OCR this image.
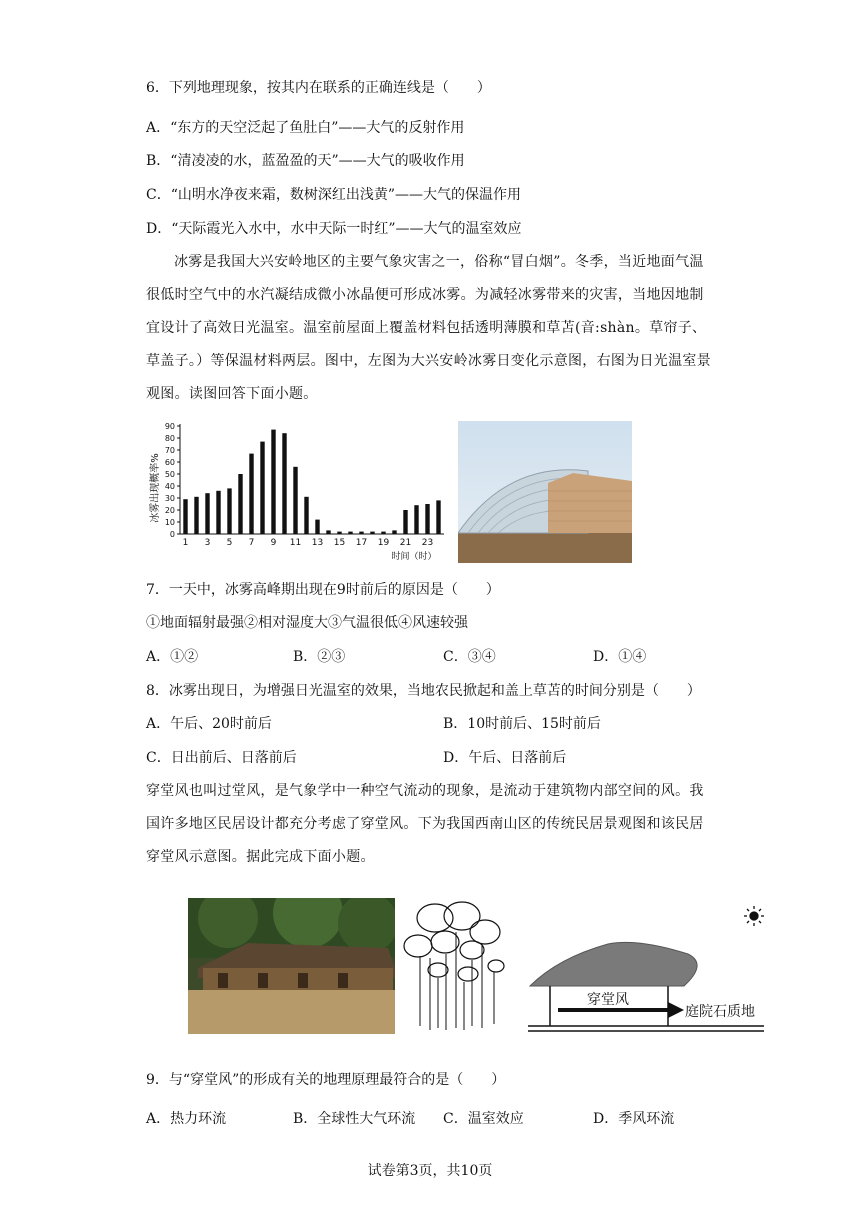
6．下列地理现象，按其内在联系的正确连线是（　　）
A．“东方的天空泛起了鱼肚白”——大气的反射作用
B．“清凌凌的水，蓝盈盈的天”——大气的吸收作用
C．“山明水净夜来霜，数树深红出浅黄”——大气的保温作用
D．“天际霞光入水中，水中天际一时红”——大气的温室效应
冰雾是我国大兴安岭地区的主要气象灾害之一，俗称“冒白烟”。冬季，当近地面气温很低时空气中的水汽凝结成微小冰晶便可形成冰雾。为减轻冰雾带来的灾害，当地因地制宜设计了高效日光温室。温室前屋面上覆盖材料包括透明薄膜和草苫(音:shàn。草帘子、草盖子。）等保温材料两层。图中，左图为大兴安岭冰雾日变化示意图，右图为日光温室景观图。读图回答下面小题。
冰雾出现概率%
时间（时）
0
10
20
30
40
50
60
70
80
90
1 3 5 7 9 11 13 15 17 19 21 23
7．一天中，冰雾高峰期出现在9时前后的原因是（　　）
①地面辐射最强②相对湿度大③气温很低④风速较强
A．①②	B．②③	C．③④	D．①④
8．冰雾出现日，为增强日光温室的效果，当地农民掀起和盖上草苫的时间分别是（　　）
A．午后、20时前后	B．10时前后、15时前后
C．日出前后、日落前后	D．午后、日落前后
穿堂风也叫过堂风，是气象学中一种空气流动的现象，是流动于建筑物内部空间的风。我国许多地区民居设计都充分考虑了穿堂风。下为我国西南山区的传统民居景观图和该民居穿堂风示意图。据此完成下面小题。
穿堂风
庭院石质地
9．与“穿堂风”的形成有关的地理原理最符合的是（　　）
A．热力环流	B．全球性大气环流 C．温室效应	D．季风环流
试卷第3页，共10页
